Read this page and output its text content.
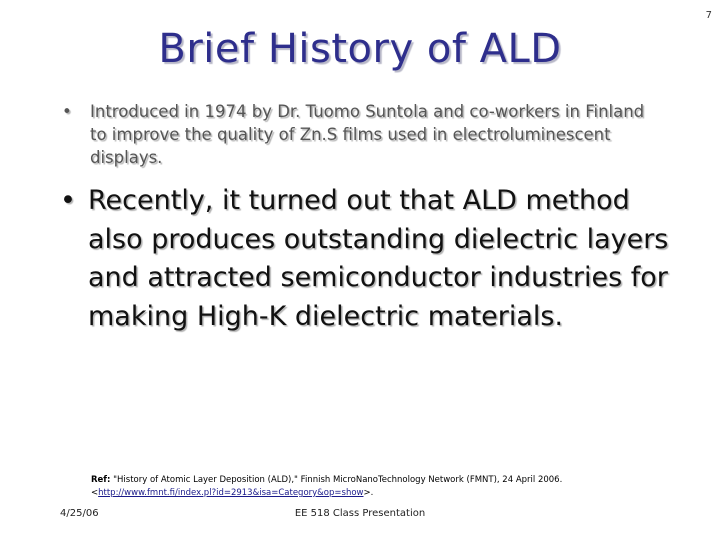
7
Brief History of ALD
•	Introduced in 1974 by Dr. Tuomo Suntola and co-workers in Finland to improve the quality of Zn.S films used in electroluminescent displays.
• Recently, it turned out that ALD method also produces outstanding dielectric layers and attracted semiconductor industries for making High-K dielectric materials.
Ref: "History of Atomic Layer Deposition (ALD)," Finnish MicroNanoTechnology Network (FMNT), 24 April 2006.
<http://www.fmnt.fi/index.pl?id=2913&isa=Category&op=show>.
4/25/06	EE 518 Class Presentation
